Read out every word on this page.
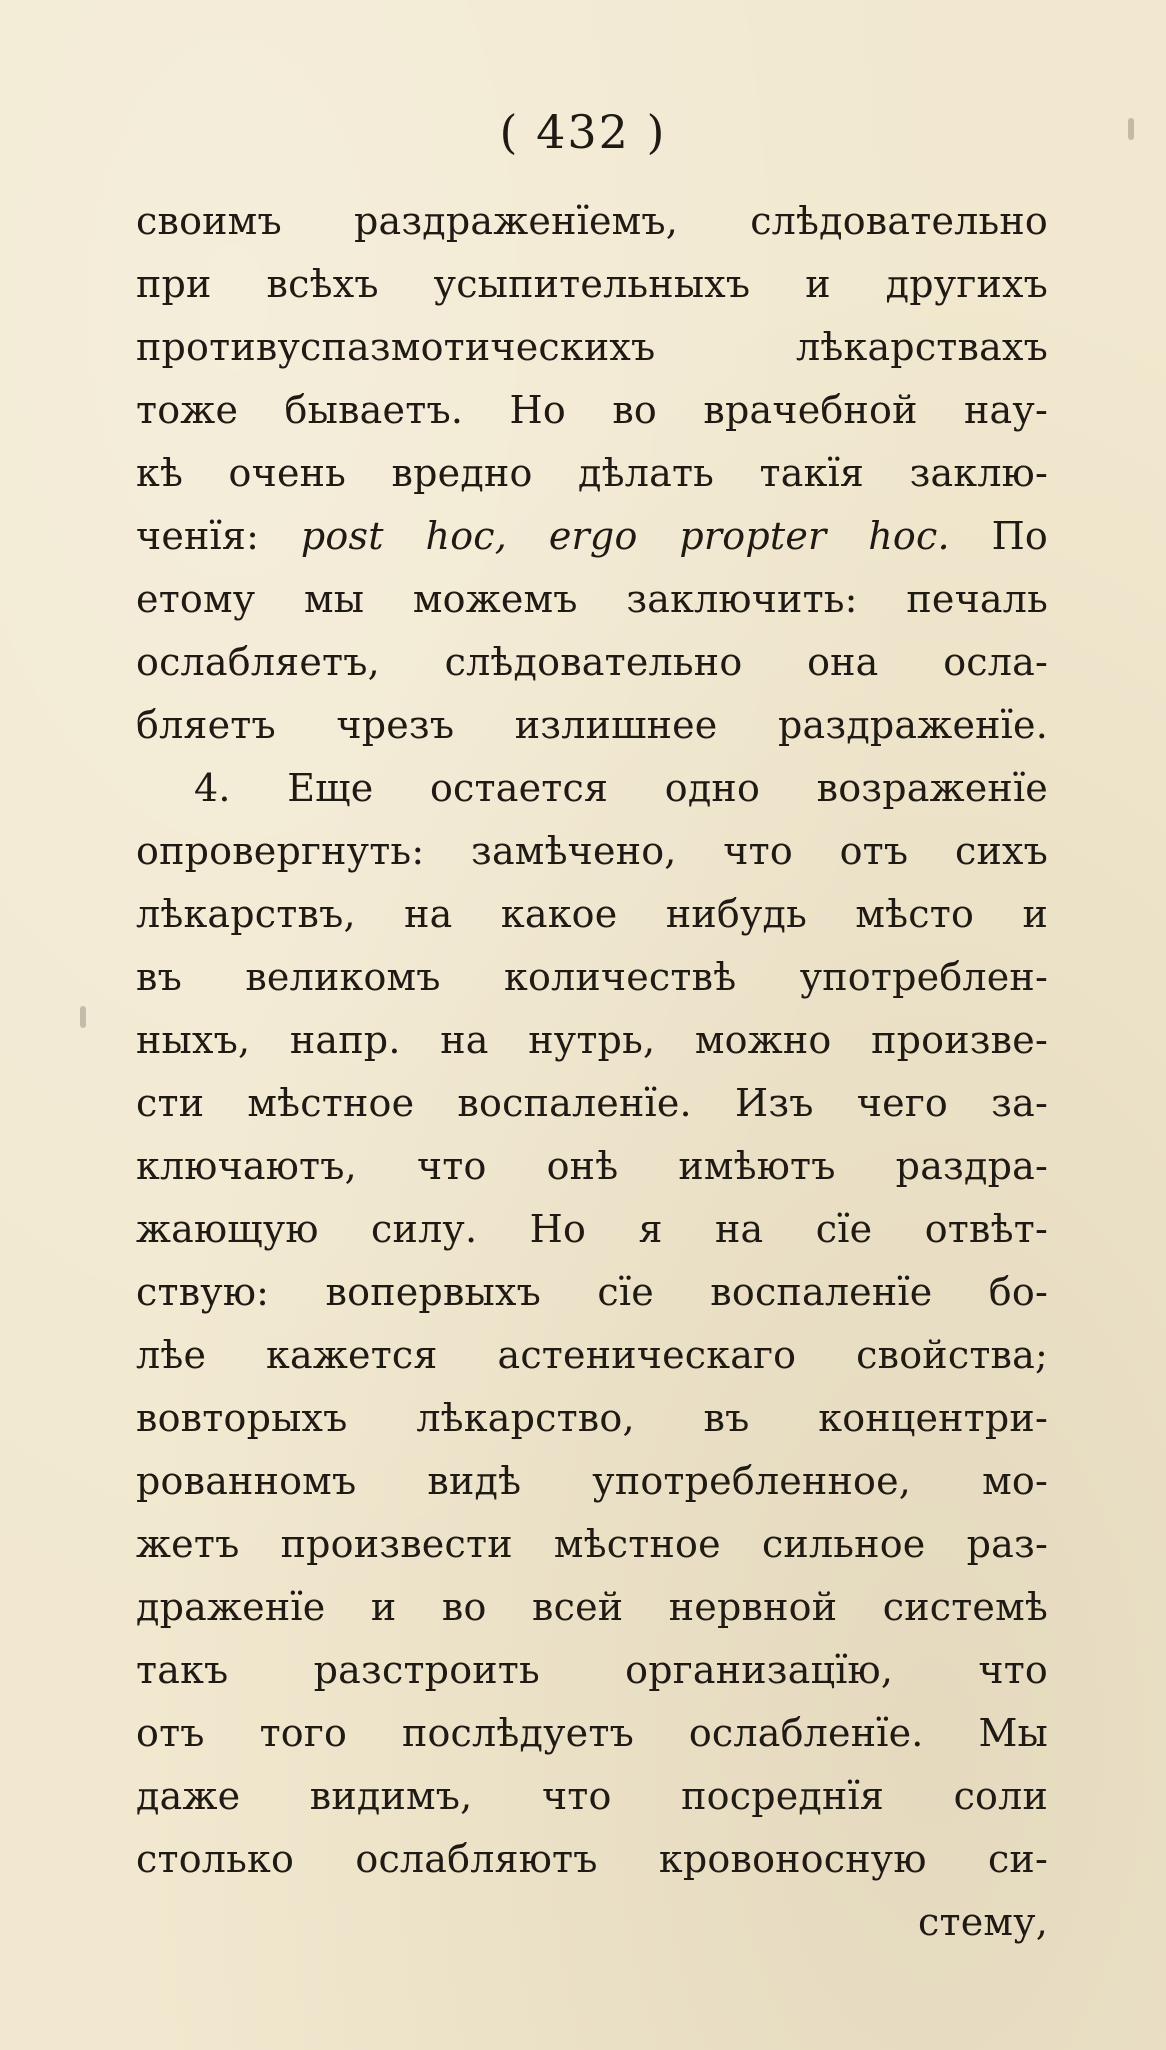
( 432 )
своимъ раздраженїемъ, слѣдовательно
при всѣхъ усыпительныхъ и другихъ
противуспазмотическихъ лѣкарствахъ
тоже бываетъ. Но во врачебной нау-
кѣ очень вредно дѣлать такїя заклю-
ченїя: post hoc, ergo propter hoc. По
етому мы можемъ заключить: печаль
ослабляетъ, слѣдовательно она осла-
бляетъ чрезъ излишнее раздраженїе.
4. Еще остается одно возраженїе
опровергнуть: замѣчено, что отъ сихъ
лѣкарствъ, на какое нибудь мѣсто и
въ великомъ количествѣ употреблен-
ныхъ, напр. на нутрь, можно произве-
сти мѣстное воспаленїе. Изъ чего за-
ключаютъ, что онѣ имѣютъ раздра-
жающую силу. Но я на сїе отвѣт-
ствую: вопервыхъ сїе воспаленїе бо-
лѣе кажется астеническаго свойства;
вовторыхъ лѣкарство, въ концентри-
рованномъ видѣ употребленное, мо-
жетъ произвести мѣстное сильное раз-
драженїе и во всей нервной системѣ
такъ разстроить организацїю, что
отъ того послѣдуетъ ослабленїе. Мы
даже видимъ, что посреднїя соли
столько ослабляютъ кровоносную си-
стему,
